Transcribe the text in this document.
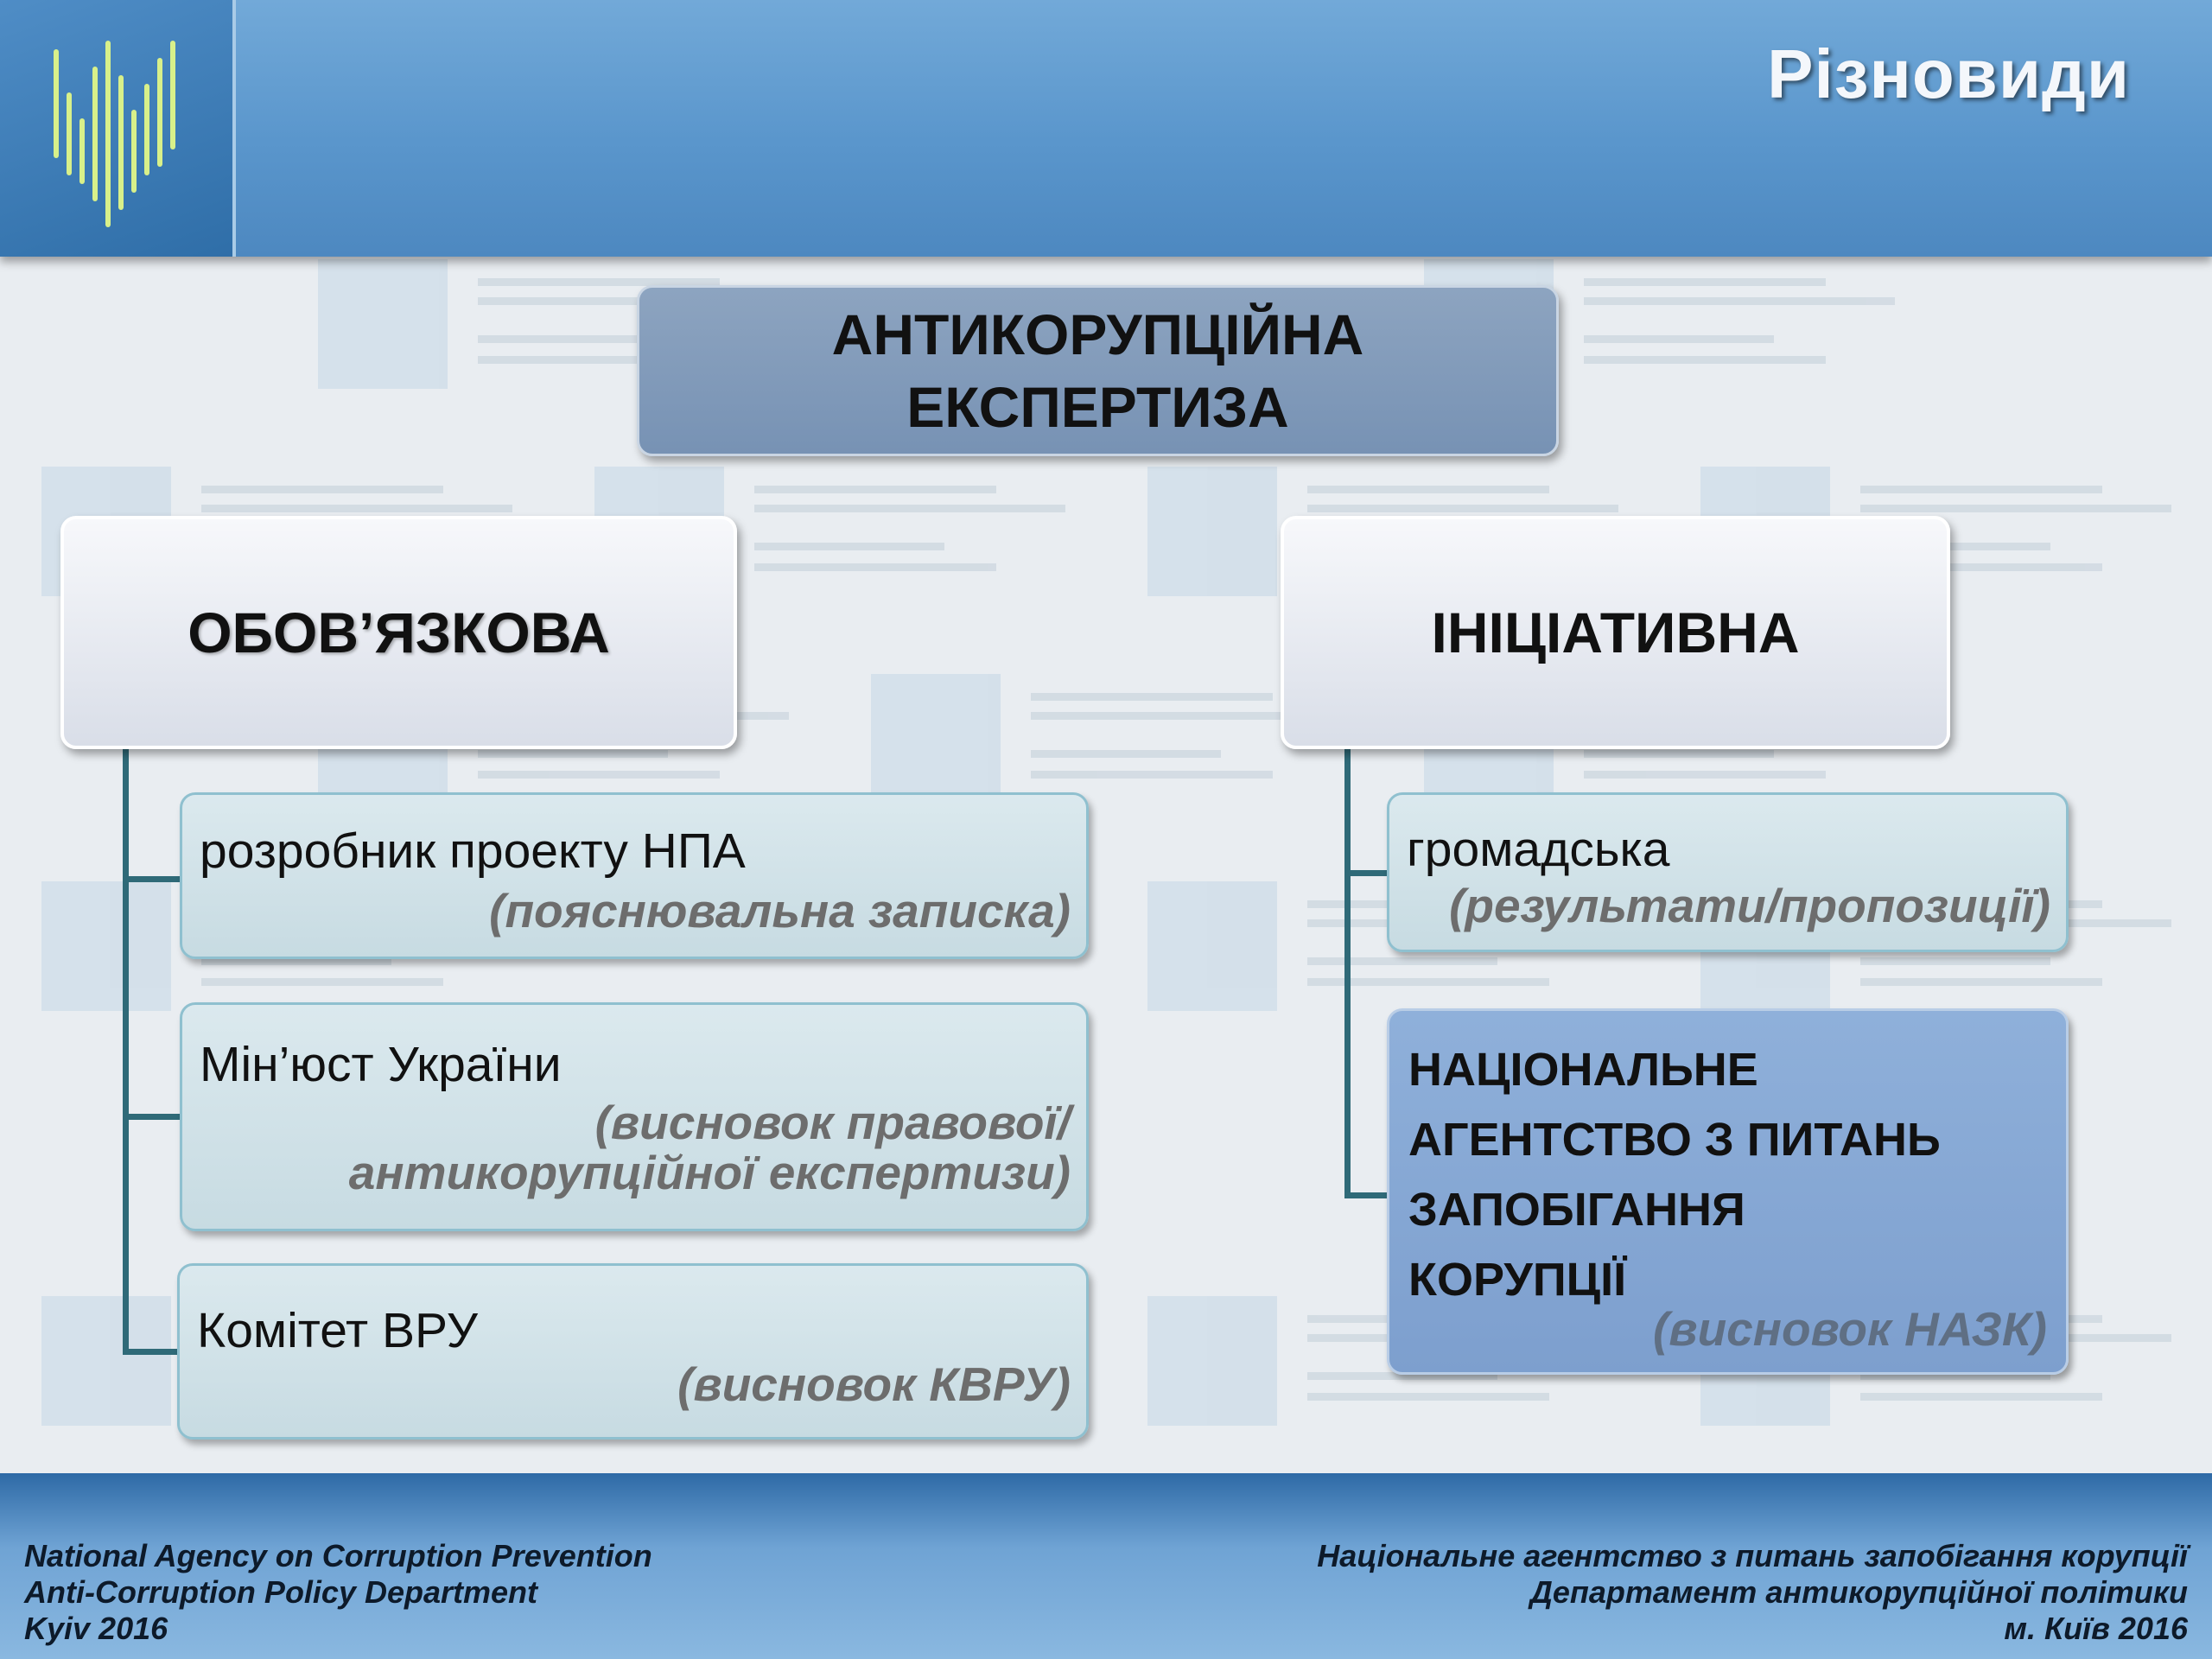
Різновиди
АНТИКОРУПЦІЙНА
ЕКСПЕРТИЗА
ОБОВ’ЯЗКОВА	ІНІЦІАТИВНА
розробник проекту НПА
(пояснювальна записка)
Мін’юст України
(висновок правової/
антикорупційної експертизи)
Комітет ВРУ
(висновок КВРУ)
громадська
(результати/пропозиції)
НАЦІОНАЛЬНЕ
АГЕНТСТВО З ПИТАНЬ
ЗАПОБІГАННЯ
КОРУПЦІЇ
(висновок НАЗК)
National Agency on Corruption Prevention
Anti-Corruption Policy Department
Kyiv 2016
Національне агентство з питань запобігання корупції
Департамент антикорупційної політики
м. Київ 2016
